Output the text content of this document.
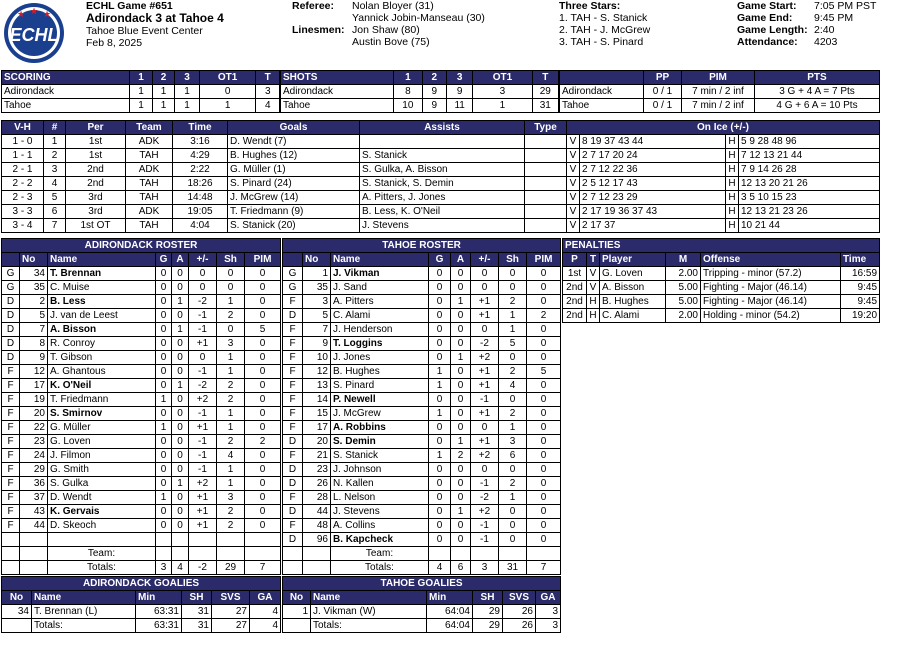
★ ★ ★
ECHL
ECHL Game #651
Adirondack 3 at Tahoe 4
Tahoe Blue Event Center
Feb 8, 2025
Referee:	Nolan Bloyer (31)
Yannick Jobin-Manseau (30)
Linesmen: Jon Shaw (80)
Austin Bove (75)
Three Stars:
1. TAH - S. Stanick
2. TAH - J. McGrew
3. TAH - S. Pinard
Game Start: 7:05 PM PST
Game End: 9:45 PM
Game Length: 2:40
Attendance: 4203
SCORING	1	2	3	OT1	T
Adirondack	1	1	1	0	3
Tahoe	1	1	1	1	4
SHOTS	1	2	3	OT1	T
Adirondack	8	9	9	3	29
Tahoe	10	9	11	1	31
	PP	PIM	PTS
Adirondack	0 / 1	7 min / 2 inf	3 G + 4 A = 7 Pts
Tahoe	0 / 1	7 min / 2 inf	4 G + 6 A = 10 Pts
V-H	#	Per	Team	Time	Goals	Assists	Type	On Ice (+/-)			
1 - 0	1	1st	ADK	3:16	D. Wendt (7)			V	8 19 37 43 44	H	5 9 28 48 96
1 - 1	2	1st	TAH	4:29	B. Hughes (12)	S. Stanick		V	2 7 17 20 24	H	7 12 13 21 44
2 - 1	3	2nd	ADK	2:22	G. Müller (1)	S. Gulka, A. Bisson		V	2 7 12 22 36	H	7 9 14 26 28
2 - 2	4	2nd	TAH	18:26	S. Pinard (24)	S. Stanick, S. Demin		V	2 5 12 17 43	H	12 13 20 21 26
2 - 3	5	3rd	TAH	14:48	J. McGrew (14)	A. Pitters, J. Jones		V	2 7 12 23 29	H	3 5 10 15 23
3 - 3	6	3rd	ADK	19:05	T. Friedmann (9)	B. Less, K. O'Neil		V	2 17 19 36 37 43	H	12 13 21 23 26
3 - 4	7	1st OT	TAH	4:04	S. Stanick (20)	J. Stevens		V	2 17 37	H	10 21 44
ADIRONDACK ROSTER							
	No	Name	G	A	+/-	Sh	PIM
G	34	T. Brennan	0	0	0	0	0
G	35	C. Muise	0	0	0	0	0
D	2	B. Less	0	1	-2	1	0
D	5	J. van de Leest	0	0	-1	2	0
D	7	A. Bisson	0	1	-1	0	5
D	8	R. Conroy	0	0	+1	3	0
D	9	T. Gibson	0	0	0	1	0
F	12	A. Ghantous	0	0	-1	1	0
F	17	K. O'Neil	0	1	-2	2	0
F	19	T. Friedmann	1	0	+2	2	0
F	20	S. Smirnov	0	0	-1	1	0
F	22	G. Müller	1	0	+1	1	0
F	23	G. Loven	0	0	-1	2	2
F	24	J. Filmon	0	0	-1	4	0
F	29	G. Smith	0	0	-1	1	0
F	36	S. Gulka	0	1	+2	1	0
F	37	D. Wendt	1	0	+1	3	0
F	43	K. Gervais	0	0	+1	2	0
F	44	D. Skeoch	0	0	+1	2	0

		Team:					
		Totals:	3	4	-2	29	7
TAHOE ROSTER							
	No	Name	G	A	+/-	Sh	PIM
G	1	J. Vikman	0	0	0	0	0
G	35	J. Sand	0	0	0	0	0
F	3	A. Pitters	0	1	+1	2	0
D	5	C. Alami	0	0	+1	1	2
F	7	J. Henderson	0	0	0	1	0
F	9	T. Loggins	0	0	-2	5	0
F	10	J. Jones	0	1	+2	0	0
F	12	B. Hughes	1	0	+1	2	5
F	13	S. Pinard	1	0	+1	4	0
F	14	P. Newell	0	0	-1	0	0
F	15	J. McGrew	1	0	+1	2	0
F	17	A. Robbins	0	0	0	1	0
D	20	S. Demin	0	1	+1	3	0
F	21	S. Stanick	1	2	+2	6	0
D	23	J. Johnson	0	0	0	0	0
D	26	N. Kallen	0	0	-1	2	0
F	28	L. Nelson	0	0	-2	1	0
D	44	J. Stevens	0	1	+2	0	0
F	48	A. Collins	0	0	-1	0	0
D	96	B. Kapcheck	0	0	-1	0	0
		Team:					
		Totals:	4	6	3	31	7
PENALTIES					
P	T	Player	M	Offense	Time
1st	V	G. Loven	2.00	Tripping - minor (57.2)	16:59
2nd	V	A. Bisson	5.00	Fighting - Major (46.14)	9:45
2nd	H	B. Hughes	5.00	Fighting - Major (46.14)	9:45
2nd	H	C. Alami	2.00	Holding - minor (54.2)	19:20
ADIRONDACK GOALIES					
No	Name	Min	SH	SVS	GA
34	T. Brennan (L)	63:31	31	27	4
	Totals:	63:31	31	27	4
TAHOE GOALIES					
No	Name	Min	SH	SVS	GA
1	J. Vikman (W)	64:04	29	26	3
	Totals:	64:04	29	26	3
